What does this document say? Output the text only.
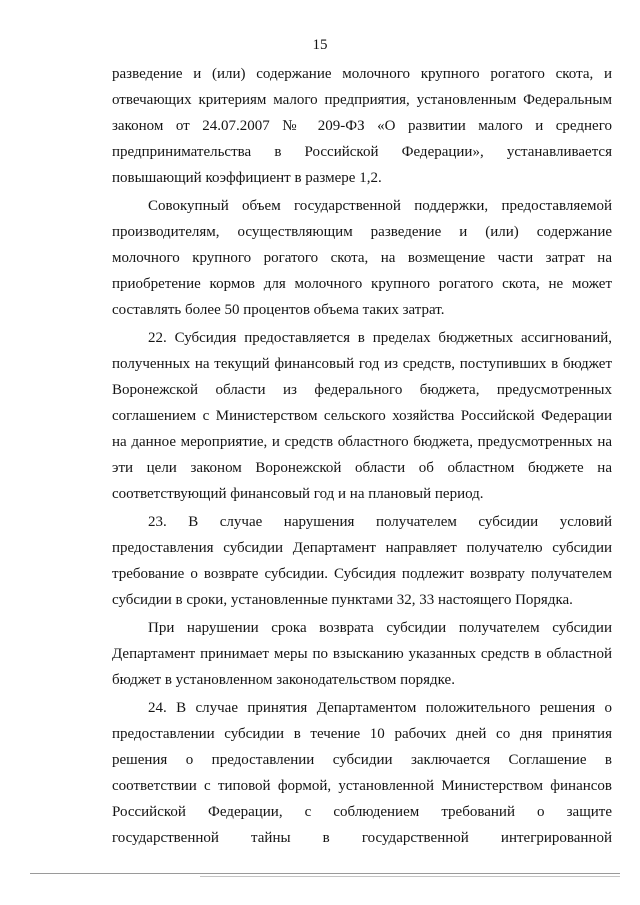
15
разведение и (или) содержание молочного крупного рогатого скота, и
отвечающих критериям малого предприятия, установленным Федеральным
законом от 24.07.2007 № 209-ФЗ «О развитии малого и среднего
предпринимательства в Российской Федерации», устанавливается
повышающий коэффициент в размере 1,2.
Совокупный объем государственной поддержки, предоставляемой
производителям, осуществляющим разведение и (или) содержание
молочного крупного рогатого скота, на возмещение части затрат на
приобретение кормов для молочного крупного рогатого скота, не может
составлять более 50 процентов объема таких затрат.
22. Субсидия предоставляется в пределах бюджетных ассигнований,
полученных на текущий финансовый год из средств, поступивших в бюджет
Воронежской области из федерального бюджета, предусмотренных
соглашением с Министерством сельского хозяйства Российской Федерации
на данное мероприятие, и средств областного бюджета, предусмотренных на
эти цели законом Воронежской области об областном бюджете на
соответствующий финансовый год и на плановый период.
23. В случае нарушения получателем субсидии условий
предоставления субсидии Департамент направляет получателю субсидии
требование о возврате субсидии. Субсидия подлежит возврату получателем
субсидии в сроки, установленные пунктами 32, 33 настоящего Порядка.
При нарушении срока возврата субсидии получателем субсидии
Департамент принимает меры по взысканию указанных средств в областной
бюджет в установленном законодательством порядке.
24. В случае принятия Департаментом положительного решения о
предоставлении субсидии в течение 10 рабочих дней со дня принятия
решения о предоставлении субсидии заключается Соглашение в
соответствии с типовой формой, установленной Министерством финансов
Российской Федерации, с соблюдением требований о защите
государственной тайны в государственной интегрированной
